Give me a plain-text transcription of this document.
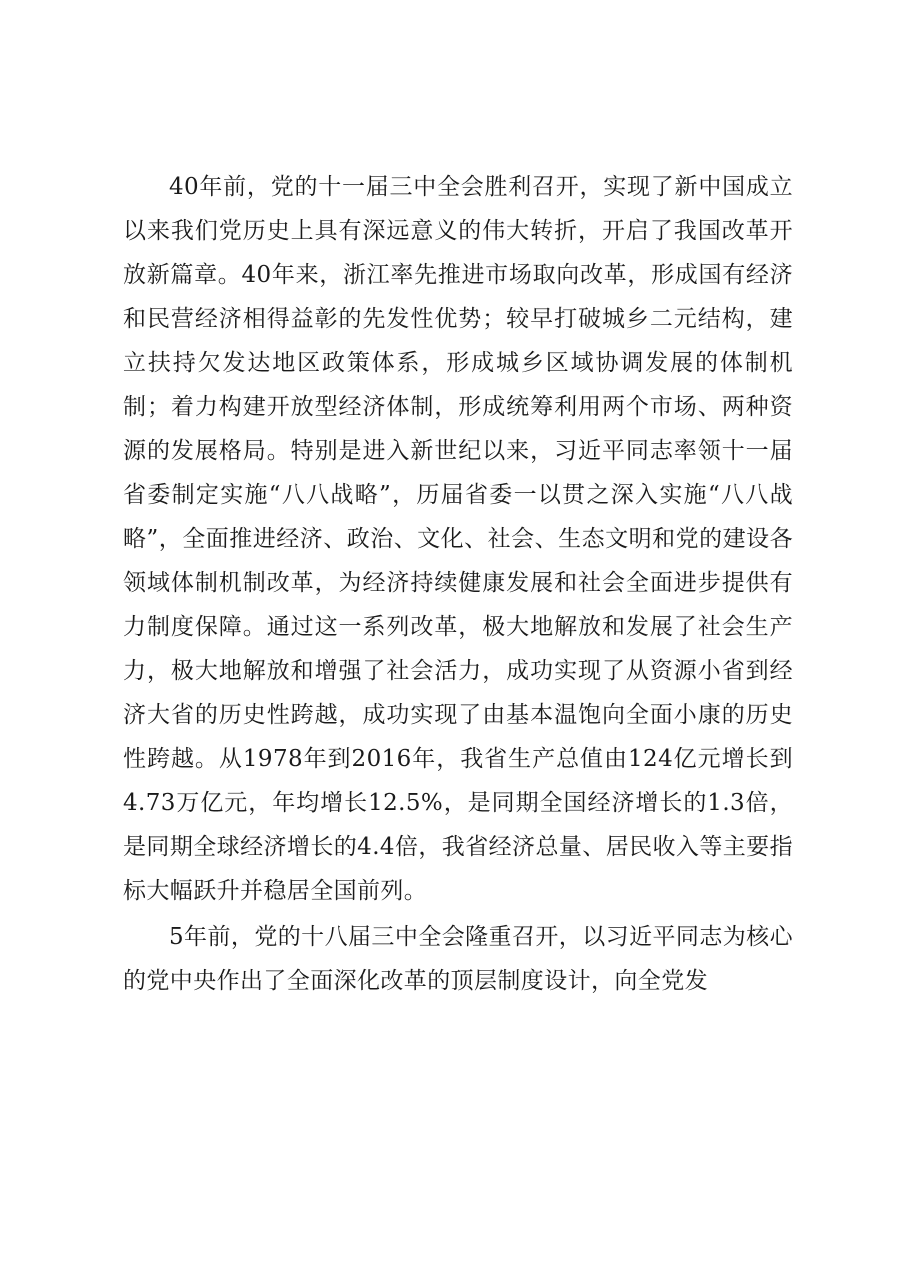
40年前，党的十一届三中全会胜利召开，实现了新中国成立以来我们党历史上具有深远意义的伟大转折，开启了我国改革开放新篇章。40年来，浙江率先推进市场取向改革，形成国有经济和民营经济相得益彰的先发性优势；较早打破城乡二元结构，建立扶持欠发达地区政策体系，形成城乡区域协调发展的体制机制；着力构建开放型经济体制，形成统筹利用两个市场、两种资源的发展格局。特别是进入新世纪以来，习近平同志率领十一届省委制定实施“八八战略”，历届省委一以贯之深入实施“八八战略”，全面推进经济、政治、文化、社会、生态文明和党的建设各领域体制机制改革，为经济持续健康发展和社会全面进步提供有力制度保障。通过这一系列改革，极大地解放和发展了社会生产力，极大地解放和增强了社会活力，成功实现了从资源小省到经济大省的历史性跨越，成功实现了由基本温饱向全面小康的历史性跨越。从1978年到2016年，我省生产总值由124亿元增长到4.73万亿元，年均增长12.5%，是同期全国经济增长的1.3倍，是同期全球经济增长的4.4倍，我省经济总量、居民收入等主要指标大幅跃升并稳居全国前列。

5年前，党的十八届三中全会隆重召开，以习近平同志为核心的党中央作出了全面深化改革的顶层制度设计，向全党发
